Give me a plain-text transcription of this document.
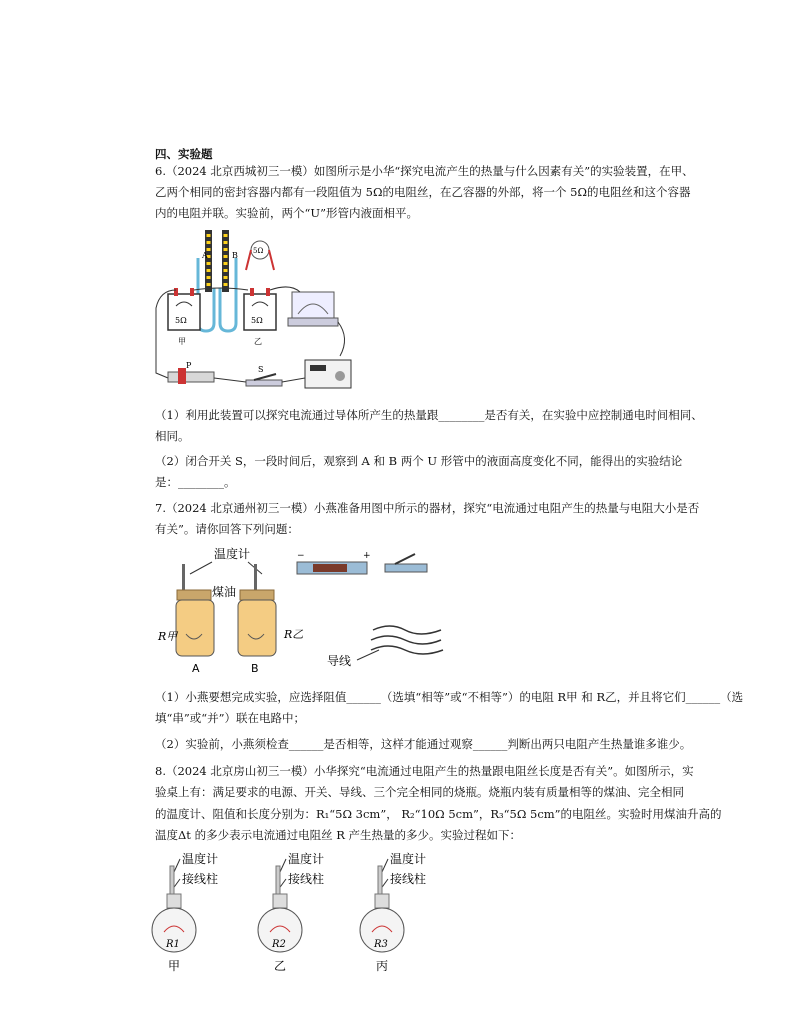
四、实验题
6.（2024 北京西城初三一模）如图所示是小华“探究电流产生的热量与什么因素有关”的实验装置，在甲、
乙两个相同的密封容器内都有一段阻值为 5Ω的电阻丝，在乙容器的外部，将一个 5Ω的电阻丝和这个容器
内的电阻并联。实验前，两个“U”形管内液面相平。
A	B 5Ω
5Ω
甲
5Ω
乙
P	S
（1）利用此装置可以探究电流通过导体所产生的热量跟________是否有关，在实验中应控制通电时间相同、
相同。
（2）闭合开关 S，一段时间后，观察到 A 和 B 两个 U 形管中的液面高度变化不同，能得出的实验结论
是：________。
7.（2024 北京通州初三一模）小燕准备用图中所示的器材，探究“电流通过电阻产生的热量与电阻大小是否
有关”。请你回答下列问题：
温度计
煤油
R甲
A
R乙
B
−	+
导线
（1）小燕要想完成实验，应选择阻值______（选填“相等”或“不相等”）的电阻 R甲 和 R乙，并且将它们______（选
填“串”或“并”）联在电路中；
（2）实验前，小燕须检查______是否相等，这样才能通过观察______判断出两只电阻产生热量谁多谁少。
8.（2024 北京房山初三一模）小华探究“电流通过电阻产生的热量跟电阻丝长度是否有关”。如图所示，实
验桌上有：满足要求的电源、开关、导线、三个完全相同的烧瓶。烧瓶内装有质量相等的煤油、完全相同
的温度计、阻值和长度分别为：R₁“5Ω 3cm”， R₂“10Ω 5cm”，R₃“5Ω 5cm”的电阻丝。实验时用煤油升高的
温度Δt 的多少表示电流通过电阻丝 R 产生热量的多少。实验过程如下：
温度计
接线柱
R1
甲
温度计
接线柱
R2
乙
温度计
接线柱
R3
丙
